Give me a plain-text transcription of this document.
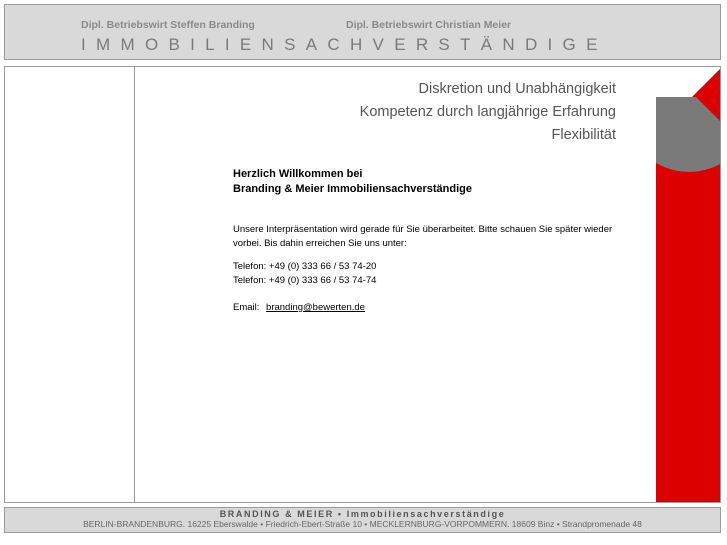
Dipl. Betriebswirt Steffen Branding	Dipl. Betriebswirt Christian Meier
IMMOBILIENSACHVERSTÄNDIGE
Diskretion und Unabhängigkeit
Kompetenz durch langjährige Erfahrung
Flexibilität
Herzlich Willkommen bei
Branding & Meier Immobiliensachverständige
Unsere Interpräsentation wird gerade für Sie überarbeitet. Bitte schauen Sie später wieder vorbei. Bis dahin erreichen Sie uns unter:
Telefon: +49 (0) 333 66 / 53 74-20
Telefon: +49 (0) 333 66 / 53 74-74
Email: branding@bewerten.de
BRANDING & MEIER • Immobiliensachverständige
BERLIN-BRANDENBURG. 16225 Eberswalde • Friedrich-Ebert-Straße 10 • MECKLERNBURG-VORPOMMERN. 18609 Binz • Strandpromenade 48
